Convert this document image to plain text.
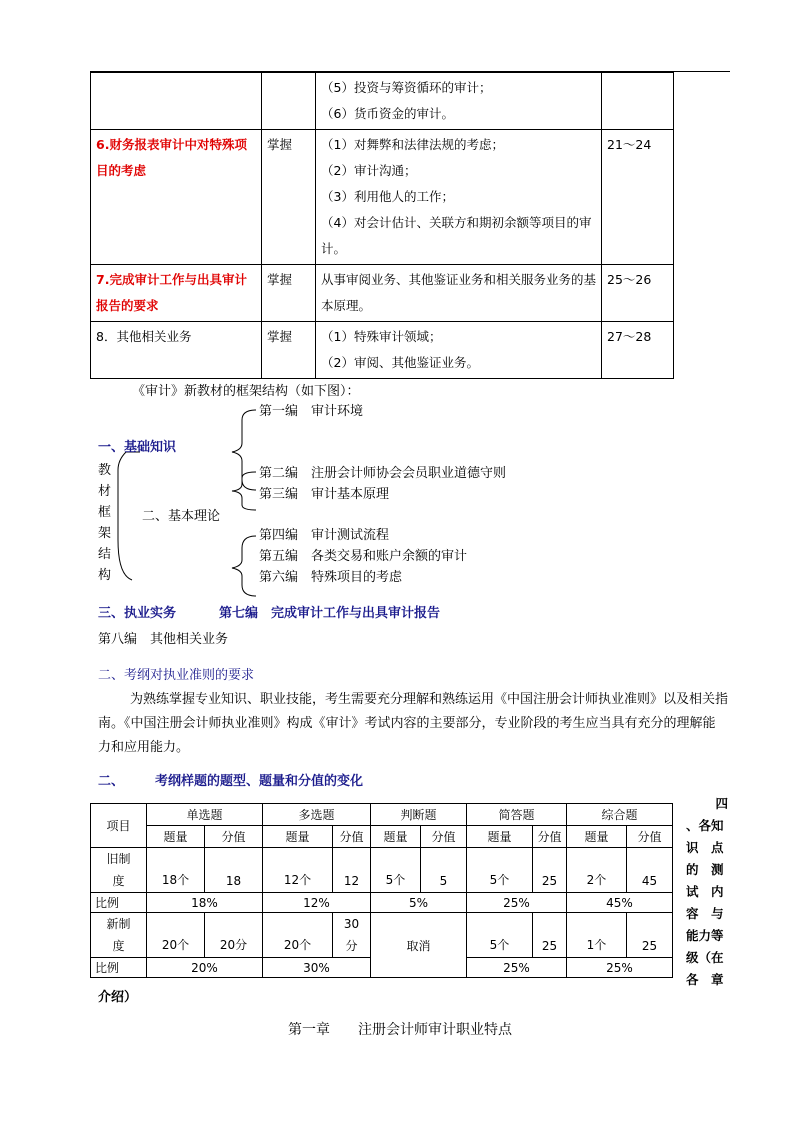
		（5）投资与筹资循环的审计；
（6）货币资金的审计。	

6.财务报表审计中对特殊项目的考虑	掌握	（1）对舞弊和法律法规的考虑；
（2）审计沟通；
（3）利用他人的工作；
（4）对会计估计、关联方和期初余额等项目的审计。	21～24
7.完成审计工作与出具审计报告的要求	掌握	从事审阅业务、其他鉴证业务和相关服务业务的基本原理。	25～26
8．其他相关业务	掌握	（1）特殊审计领域；
（2）审阅、其他鉴证业务。	27～28
《审计》新教材的框架结构（如下图）：
第一编　审计环境
一、基础知识
教
材
框
架
结
构
第二编　注册会计师协会会员职业道德守则
第三编　审计基本原理
二、基本理论
第四编　审计测试流程
第五编　各类交易和账户余额的审计
第六编　特殊项目的考虑
三、执业实务	第七编　完成审计工作与出具审计报告
第八编　其他相关业务
二、考纲对执业准则的要求
为熟练掌握专业知识、职业技能，考生需要充分理解和熟练运用《中国注册会计师执业准则》以及相关指南。《中国注册会计师执业准则》构成《审计》考试内容的主要部分，专业阶段的考生应当具有充分的理解能力和应用能力。
二、 考纲样题的题型、题量和分值的变化
项目	单选题		多选题		判断题		简答题		综合题	
	题量	分值	题量	分值	题量	分值	题量	分值	题量	分值
旧制度	18个	18	12个	12	5个	5	5个	25	2个	45
比例	18%		12%		5%		25%		45%	
新制度	20个	20分	20个	30分	取消		5个	25	1个	25
比例	20%		30%				25%		25%	
四
、各知
识　点
的　测
试　内
容　与
能力等
级（在
各　章
介绍）
第一章　　注册会计师审计职业特点
